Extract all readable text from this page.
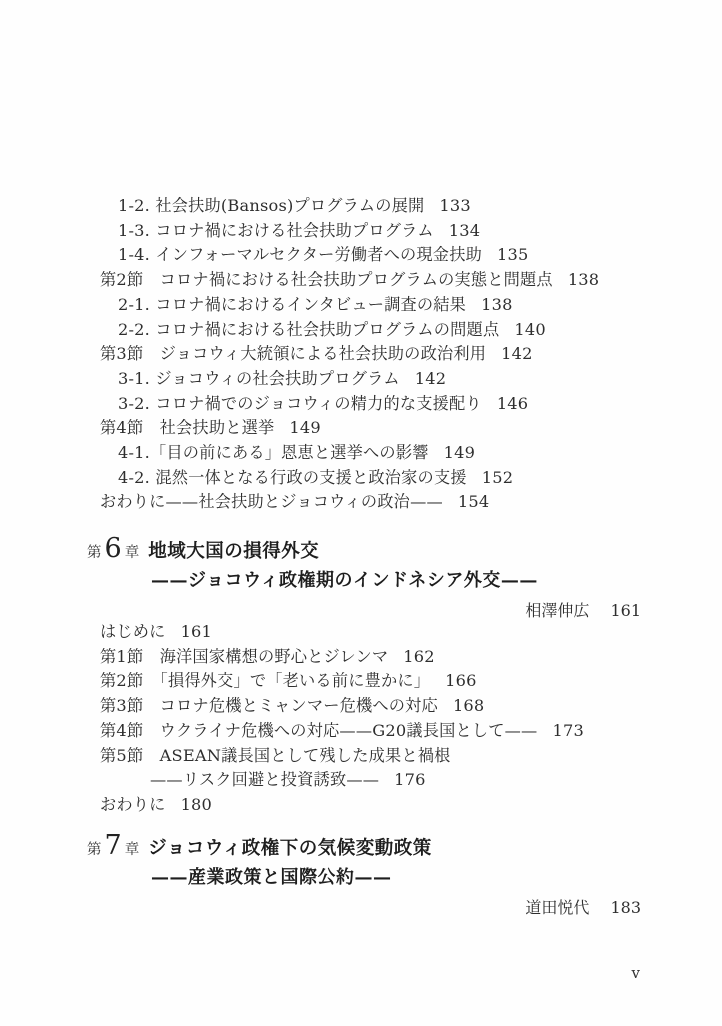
1-2. 社会扶助(Bansos)プログラムの展開 133
1-3. コロナ禍における社会扶助プログラム 134
1-4. インフォーマルセクター労働者への現金扶助 135
第2節　コロナ禍における社会扶助プログラムの実態と問題点 138
2-1. コロナ禍におけるインタビュー調査の結果 138
2-2. コロナ禍における社会扶助プログラムの問題点 140
第3節　ジョコウィ大統領による社会扶助の政治利用 142
3-1. ジョコウィの社会扶助プログラム 142
3-2. コロナ禍でのジョコウィの精力的な支援配り 146
第4節　社会扶助と選挙 149
4-1.「目の前にある」恩恵と選挙への影響 149
4-2. 混然一体となる行政の支援と政治家の支援 152
おわりに——社会扶助とジョコウィの政治—— 154
第 6 章 地域大国の損得外交
——ジョコウィ政権期のインドネシア外交——
相澤伸広 161
はじめに 161
第1節　海洋国家構想の野心とジレンマ 162
第2節　「損得外交」で「老いる前に豊かに」 166
第3節　コロナ危機とミャンマー危機への対応 168
第4節　ウクライナ危機への対応——G20議長国として—— 173
第5節　ASEAN議長国として残した成果と禍根
——リスク回避と投資誘致—— 176
おわりに 180
第 7 章 ジョコウィ政権下の気候変動政策
——産業政策と国際公約——
道田悦代 183
v
